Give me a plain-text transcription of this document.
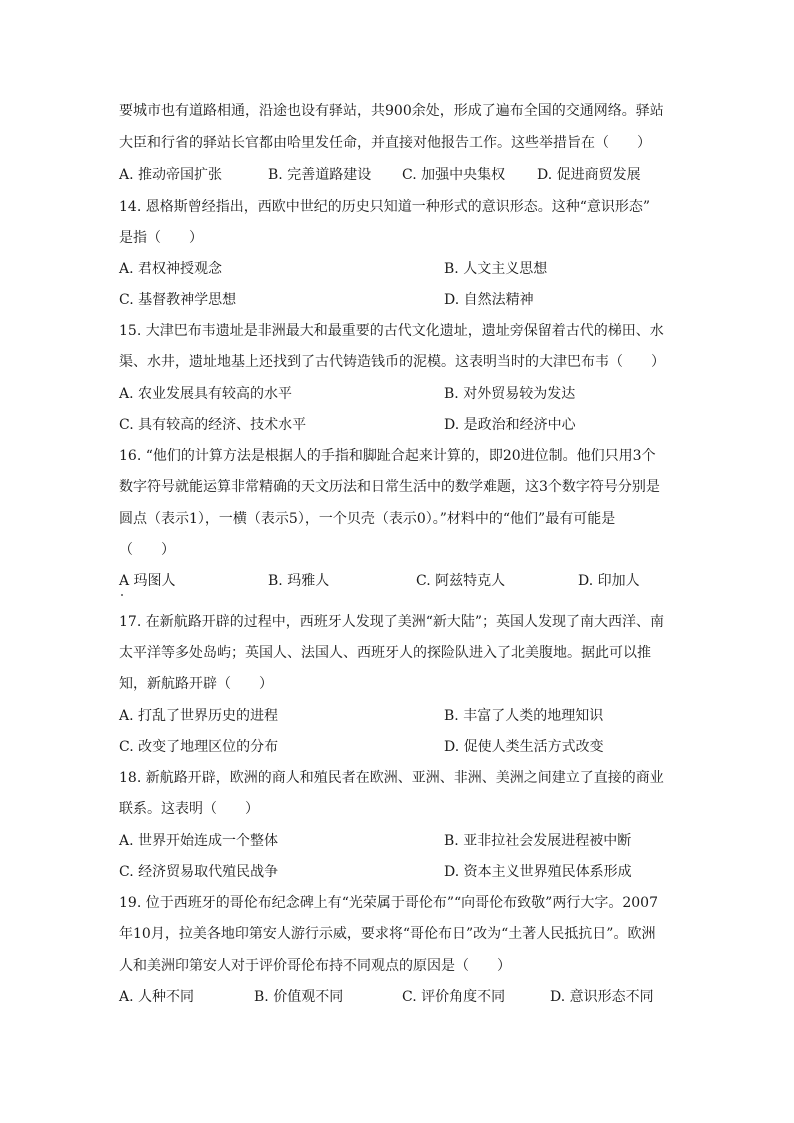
要城市也有道路相通，沿途也设有驿站，共900余处，形成了遍布全国的交通网络。驿站
大臣和行省的驿站长官都由哈里发任命，并直接对他报告工作。这些举措旨在（　　）
A. 推动帝国扩张	B. 完善道路建设 C. 加强中央集权 D. 促进商贸发展
14. 恩格斯曾经指出，西欧中世纪的历史只知道一种形式的意识形态。这种“意识形态”
是指（　　）
A. 君权神授观念	B. 人文主义思想
C. 基督教神学思想	D. 自然法精神
15. 大津巴布韦遗址是非洲最大和最重要的古代文化遗址，遗址旁保留着古代的梯田、水
渠、水井，遗址地基上还找到了古代铸造钱币的泥模。这表明当时的大津巴布韦（　　）
A. 农业发展具有较高的水平	B. 对外贸易较为发达
C. 具有较高的经济、技术水平	D. 是政治和经济中心
16. “他们的计算方法是根据人的手指和脚趾合起来计算的，即20进位制。他们只用3个
数字符号就能运算非常精确的天文历法和日常生活中的数学难题，这3个数字符号分别是
圆点（表示1），一横（表示5），一个贝壳（表示0）。”材料中的“他们”最有可能是
（　　）
A 玛图人	B. 玛雅人	C. 阿兹特克人	D. 印加人
17. 在新航路开辟的过程中，西班牙人发现了美洲“新大陆”；英国人发现了南大西洋、南
太平洋等多处岛屿；英国人、法国人、西班牙人的探险队进入了北美腹地。据此可以推
知，新航路开辟（　　）
A. 打乱了世界历史的进程	B. 丰富了人类的地理知识
C. 改变了地理区位的分布	D. 促使人类生活方式改变
18. 新航路开辟，欧洲的商人和殖民者在欧洲、亚洲、非洲、美洲之间建立了直接的商业
联系。这表明（　　）
A. 世界开始连成一个整体	B. 亚非拉社会发展进程被中断
C. 经济贸易取代殖民战争	D. 资本主义世界殖民体系形成
19. 位于西班牙的哥伦布纪念碑上有“光荣属于哥伦布”“向哥伦布致敬”两行大字。2007
年10月，拉美各地印第安人游行示威，要求将“哥伦布日”改为“土著人民抵抗日”。欧洲
人和美洲印第安人对于评价哥伦布持不同观点的原因是（　　）
A. 人种不同	B. 价值观不同	C. 评价角度不同	D. 意识形态不同
